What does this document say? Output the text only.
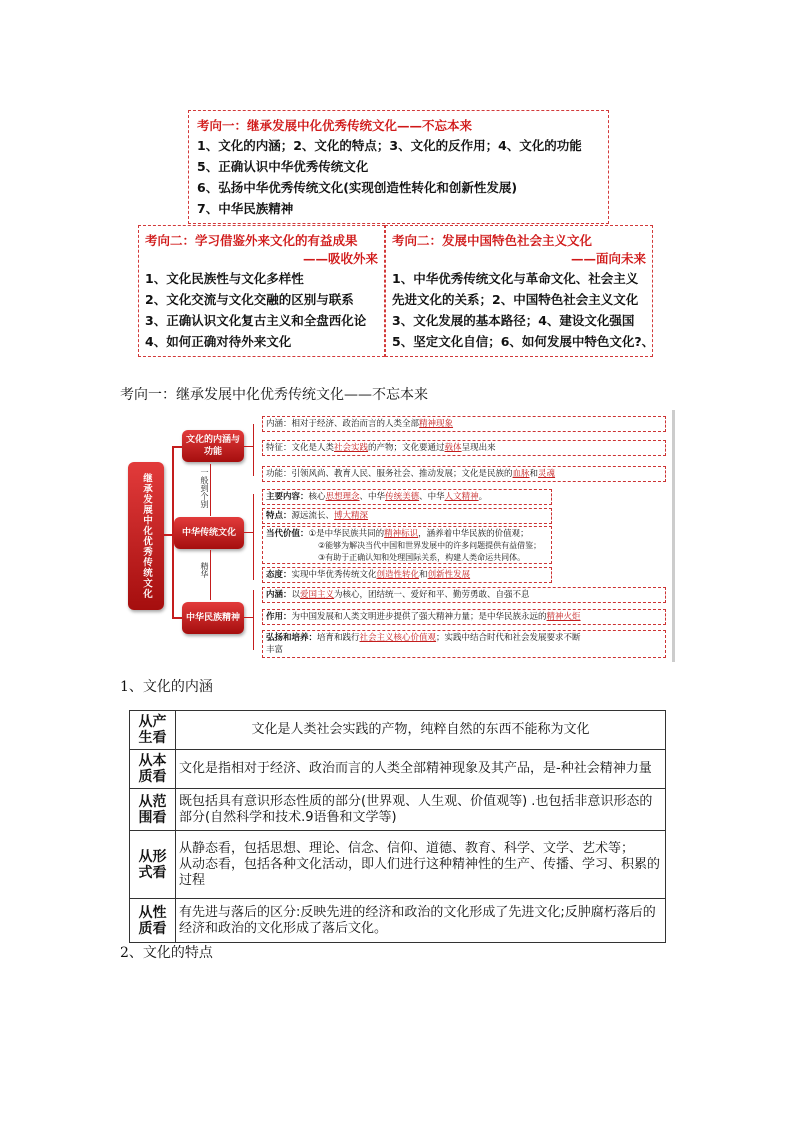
考向一：继承发展中化优秀传统文化——不忘本来
1、文化的内涵；2、文化的特点；3、文化的反作用；4、文化的功能
5、正确认识中华优秀传统文化
6、弘扬中华优秀传统文化(实现创造性转化和创新性发展)
7、中华民族精神
考向二：学习借鉴外来文化的有益成果
——吸收外来
1、文化民族性与文化多样性
2、文化交流与文化交融的区别与联系
3、正确认识文化复古主义和全盘西化论
4、如何正确对待外来文化
考向二：发展中国特色社会主义文化
——面向未来
1、中华优秀传统文化与革命文化、社会主义
先进文化的关系；2、中国特色社会主义文化
3、文化发展的基本路径；4、建设文化强国
5、坚定文化自信；6、如何发展中特色文化?、
考向一：继承发展中化优秀传统文化——不忘本来
继承发展中化优秀传统文化
文化的内涵与功能
中华传统文化
中华民族精神
一般到个别
精华
内涵：相对于经济、政治而言的人类全部精神现象
特征：文化是人类社会实践的产物；文化要通过载体呈现出来
功能：引领风尚、教育人民、服务社会、推动发展；文化是民族的血脉和灵魂
主要内容：核心思想理念、中华传统美德、中华人文精神。
特点：源远流长、博大精深
当代价值：①是中华民族共同的精神标识，涵养着中华民族的价值观；
②能够为解决当代中国和世界发展中的许多问题提供有益借鉴；
③有助于正确认知和处理国际关系，构建人类命运共同体。
态度：实现中华优秀传统文化创造性转化和创新性发展
内涵：以爱国主义为核心，团结统一、爱好和平、勤劳勇敢、自强不息
作用：为中国发展和人类文明进步提供了强大精神力量；是中华民族永远的精神火炬
弘扬和培养：培育和践行社会主义核心价值观；实践中结合时代和社会发展要求不断
丰富
1、文化的内涵
从产生看	文化是人类社会实践的产物，纯粹自然的东西不能称为文化
从本质看	文化是指相对于经济、政治而言的人类全部精神现象及其产品，是-种社会精神力量
从范围看	既包括具有意识形态性质的部分(世界观、人生观、价值观等) .也包括非意识形态的部分(自然科学和技术.9语鲁和文学等)
从形式看	从静态看，包括思想、理论、信念、信仰、道德、教育、科学、文学、艺术等；
从动态看，包括各种文化活动，即人们进行这种精神性的生产、传播、学习、积累的过程

从性质看	有先进与落后的区分:反映先进的经济和政治的文化形成了先进文化;反肿腐朽落后的经济和政治的文化形成了落后文化。
2、文化的特点
